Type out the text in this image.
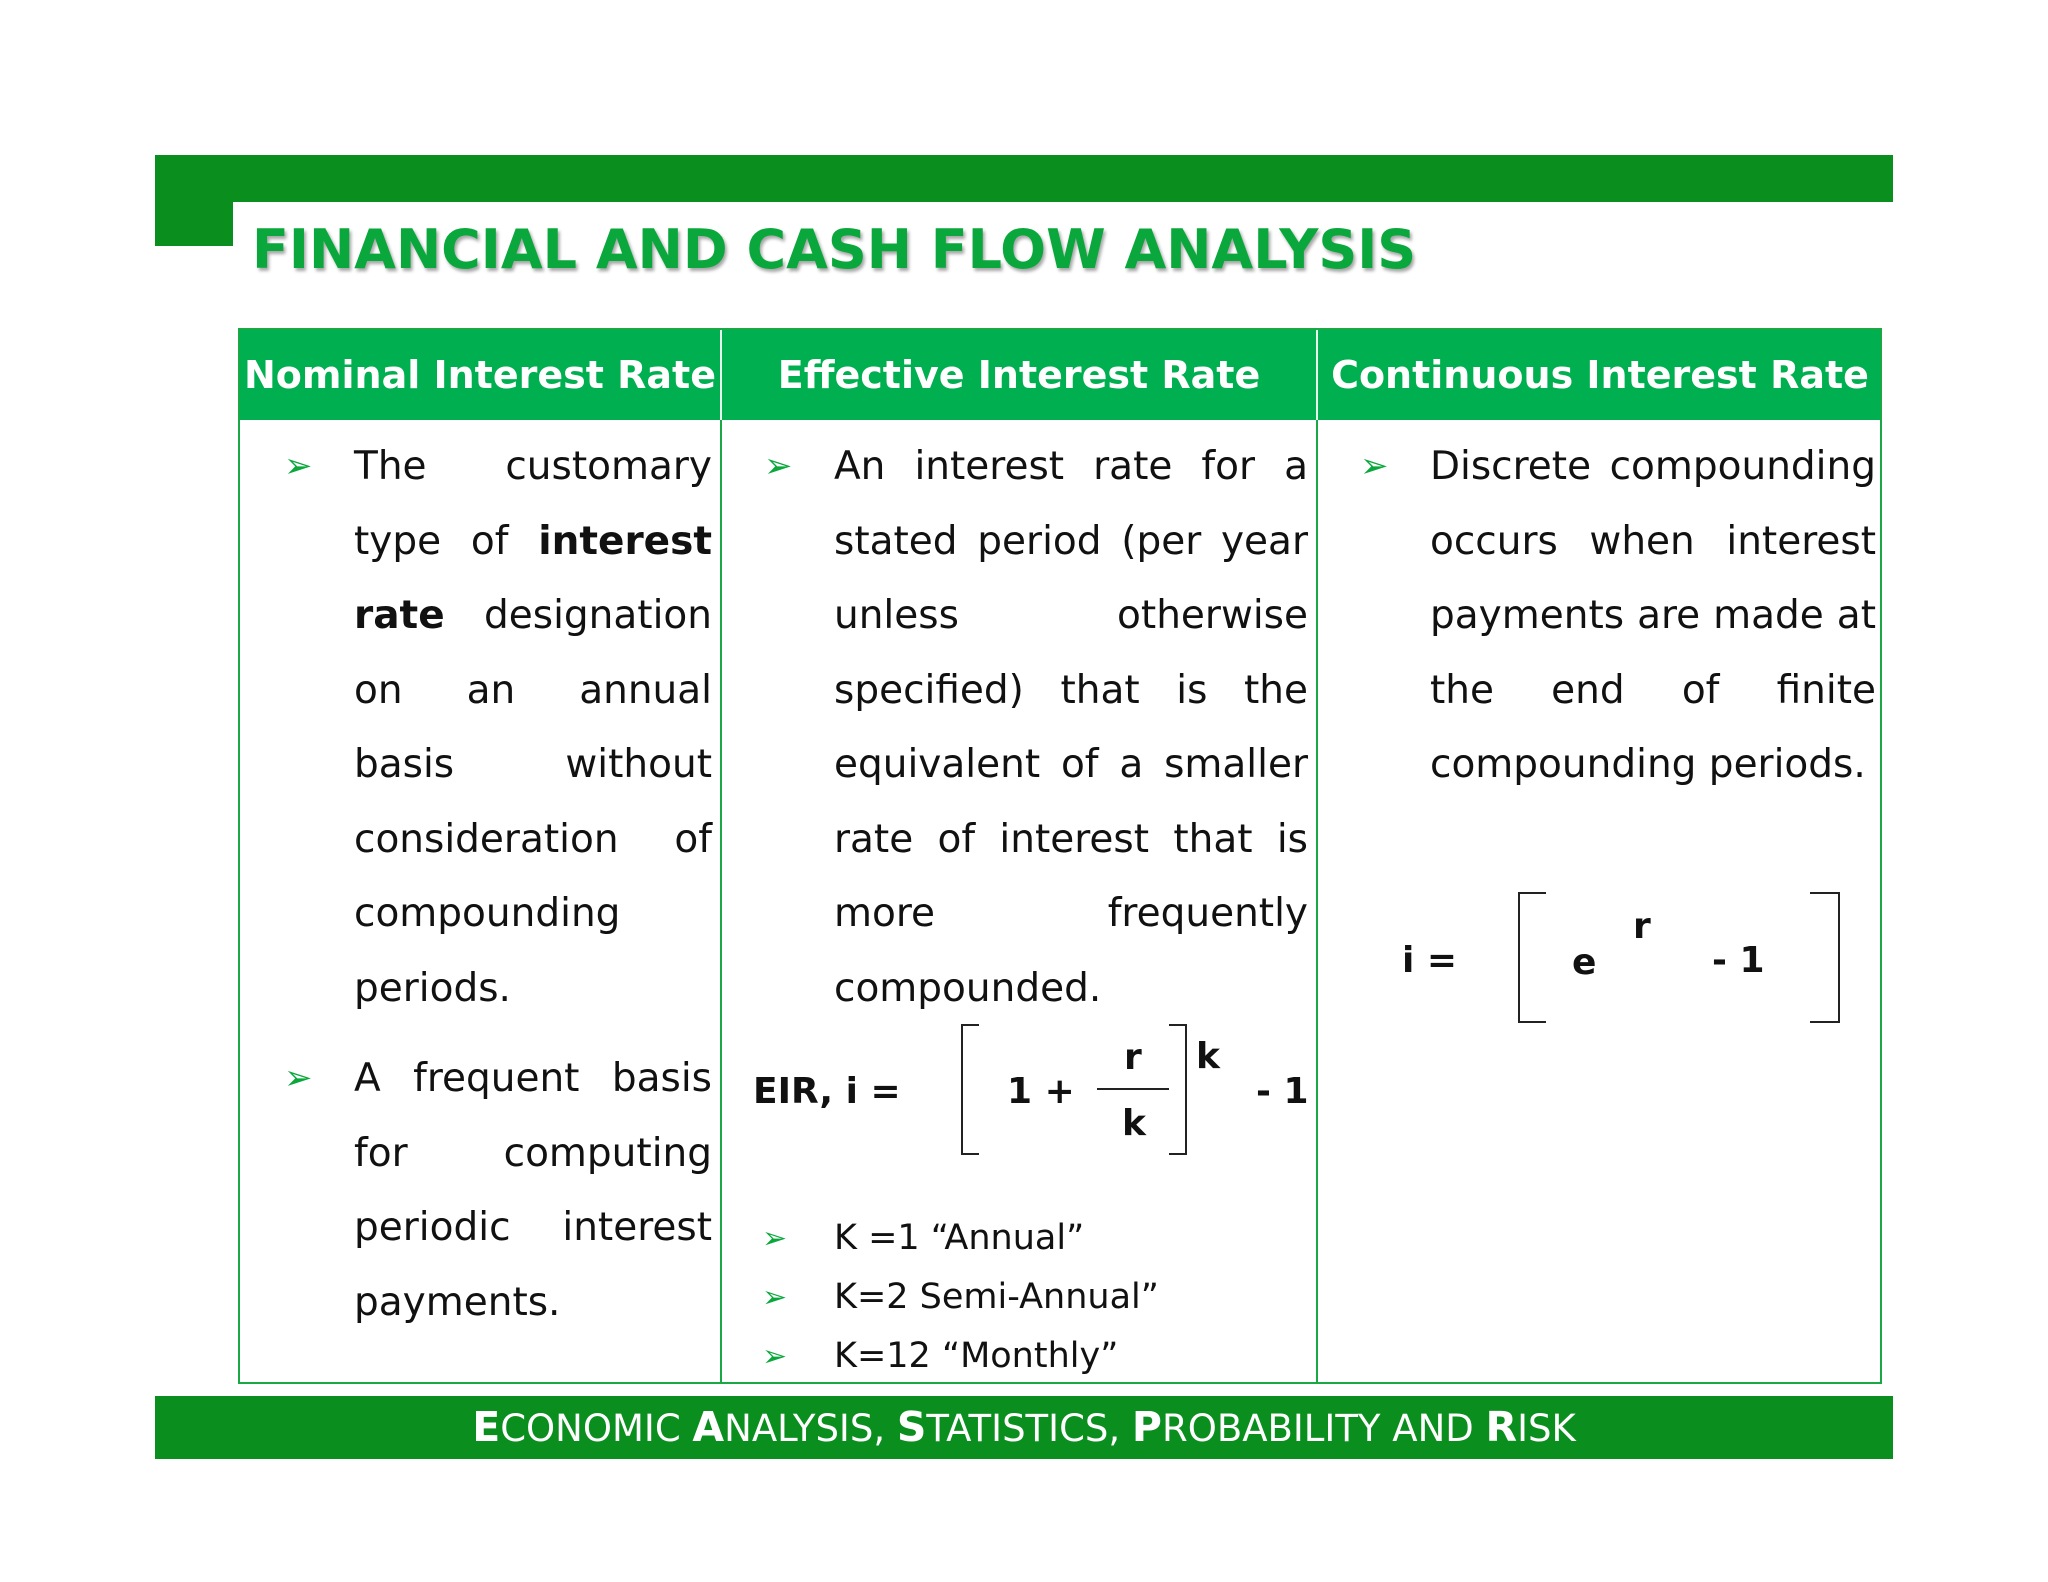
FINANCIAL AND CASH FLOW ANALYSIS
Nominal Interest Rate	Effective Interest Rate	Continuous Interest Rate
➢ The customary type of interest rate designation on an annual basis without consideration of compounding periods.
➢ A frequent basis for computing periodic interest payments.
➢ An interest rate for a stated period (per year unless otherwise specified) that is the equivalent of a smaller rate of interest that is more frequently compounded.
EIR, i =	1 +
r
k
k
- 1
➢ K =1 “Annual”
➢ K=2 Semi-Annual”
➢ K=12 “Monthly”
➢ Discrete compounding occurs when interest payments are made at the end of finite compounding periods.
i =	e
r
- 1
ECONOMIC ANALYSIS, STATISTICS, PROBABILITY AND RISK
